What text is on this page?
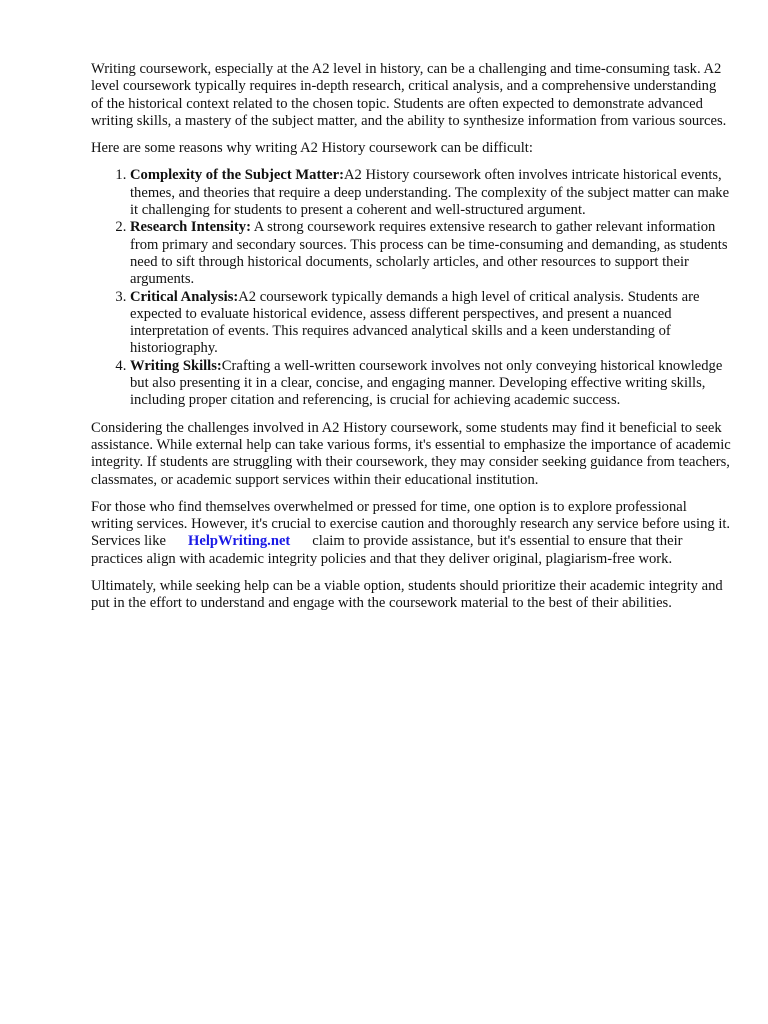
Writing coursework, especially at the A2 level in history, can be a challenging and time-consuming task. A2 level coursework typically requires in-depth research, critical analysis, and a comprehensive understanding of the historical context related to the chosen topic. Students are often expected to demonstrate advanced writing skills, a mastery of the subject matter, and the ability to synthesize information from various sources.

Here are some reasons why writing A2 History coursework can be difficult:

1. Complexity of the Subject Matter:A2 History coursework often involves intricate historical events, themes, and theories that require a deep understanding. The complexity of the subject matter can make it challenging for students to present a coherent and well-structured argument.
2. Research Intensity: A strong coursework requires extensive research to gather relevant information from primary and secondary sources. This process can be time-consuming and demanding, as students need to sift through historical documents, scholarly articles, and other resources to support their arguments.
3. Critical Analysis:A2 coursework typically demands a high level of critical analysis. Students are expected to evaluate historical evidence, assess different perspectives, and present a nuanced interpretation of events. This requires advanced analytical skills and a keen understanding of historiography.
4. Writing Skills:Crafting a well-written coursework involves not only conveying historical knowledge but also presenting it in a clear, concise, and engaging manner. Developing effective writing skills, including proper citation and referencing, is crucial for achieving academic success.

Considering the challenges involved in A2 History coursework, some students may find it beneficial to seek assistance. While external help can take various forms, it's essential to emphasize the importance of academic integrity. If students are struggling with their coursework, they may consider seeking guidance from teachers, classmates, or academic support services within their educational institution.

For those who find themselves overwhelmed or pressed for time, one option is to explore professional writing services. However, it's crucial to exercise caution and thoroughly research any service before using it. Services like HelpWriting.net claim to provide assistance, but it's essential to ensure that their practices align with academic integrity policies and that they deliver original, plagiarism-free work.

Ultimately, while seeking help can be a viable option, students should prioritize their academic integrity and put in the effort to understand and engage with the coursework material to the best of their abilities.
